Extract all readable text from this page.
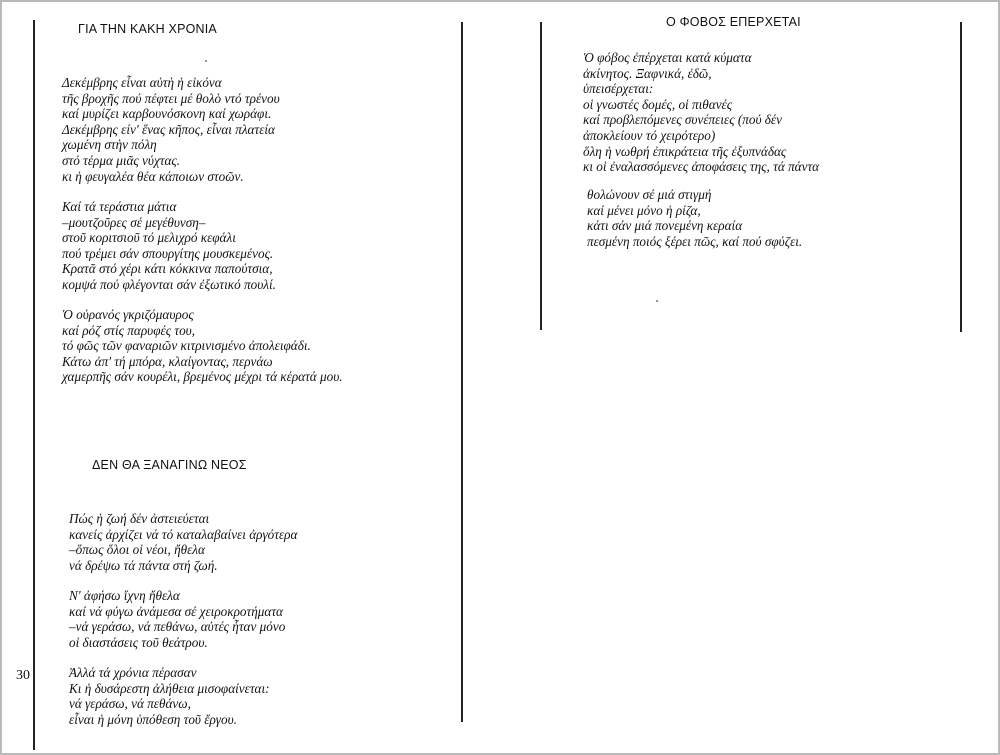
ΓΙΑ ΤΗΝ ΚΑΚΗ ΧΡΟΝΙΑ
Δεκέμβρης εἶναι αὐτὴ ἡ εἰκόνα
τῆς βροχῆς πού πέφτει μέ θολὸ ντό τρένου
καί μυρίζει καρβουνόσκονη καί χωράφι.
Δεκέμβρης είν' ἕνας κῆπος, εἶναι πλατεία
χωμένη στὴν πόλη
στό τέρμα μιᾶς νύχτας.
κι ἡ φευγαλέα θέα κάποιων στοῶν.
Καί τά τεράστια μάτια
–μουτζοῦρες σέ μεγέθυνση–
στοῦ κοριτσιοῦ τό μελιχρό κεφάλι
πού τρέμει σάν σπουργίτης μουσκεμένος.
Κρατᾶ στό χέρι κάτι κόκκινα παπούτσια,
κομψά πού φλέγονται σάν ἐξωτικό πουλί.
Ὁ οὐρανός γκριζόμαυρος
καί ρόζ στίς παρυφές του,
τό φῶς τῶν φαναριῶν κιτρινισμένο ἀπολειφάδι.
Κάτω ἀπ' τή μπόρα, κλαίγοντας, περνάω
χαμερπῆς σάν κουρέλι, βρεμένος μέχρι τά κέρατά μου.
ΔΕΝ ΘΑ ΞΑΝΑΓΙΝΩ ΝΕΟΣ
Πώς ἡ ζωή δέν ἀστειεύεται
κανείς ἀρχίζει νά τό καταλαβαίνει ἀργότερα
–ὅπως ὅλοι οἱ νέοι, ἤθελα
νά δρέψω τά πάντα στή ζωή.
Ν' ἀφήσω ἴχνη ἤθελα
καί νά φύγω ἀνάμεσα σέ χειροκροτήματα
–νά γεράσω, νά πεθάνω, αὐτές ἦταν μόνο
οἱ διαστάσεις τοῦ θεάτρου.
Ἀλλά τά χρόνια πέρασαν
Κι ἡ δυσάρεστη ἀλήθεια μισοφαίνεται:
νά γεράσω, νά πεθάνω,
εἶναι ἡ μόνη ὑπόθεση τοῦ ἔργου.
30
Ο ΦΟΒΟΣ ΕΠΕΡΧΕΤΑΙ
Ὁ φόβος ἐπέρχεται κατά κύματα
ἀκίνητος. Ξαφνικά, ἐδῶ,
ὑπεισέρχεται:
οἱ γνωστές δομές, οἱ πιθανές
καί προβλεπόμενες συνέπειες (πού δέν
ἀποκλείουν τό χειρότερο)
ὅλη ἡ νωθρή ἐπικράτεια τῆς ἐξυπνάδας
κι οἱ ἐναλασσόμενες ἀποφάσεις της, τά πάντα
θολώνουν σέ μιά στιγμή
καί μένει μόνο ἡ ρίζα,
κάτι σάν μιά πονεμένη κεραία
πεσμένη ποιός ξέρει πῶς, καί πού σφύζει.
